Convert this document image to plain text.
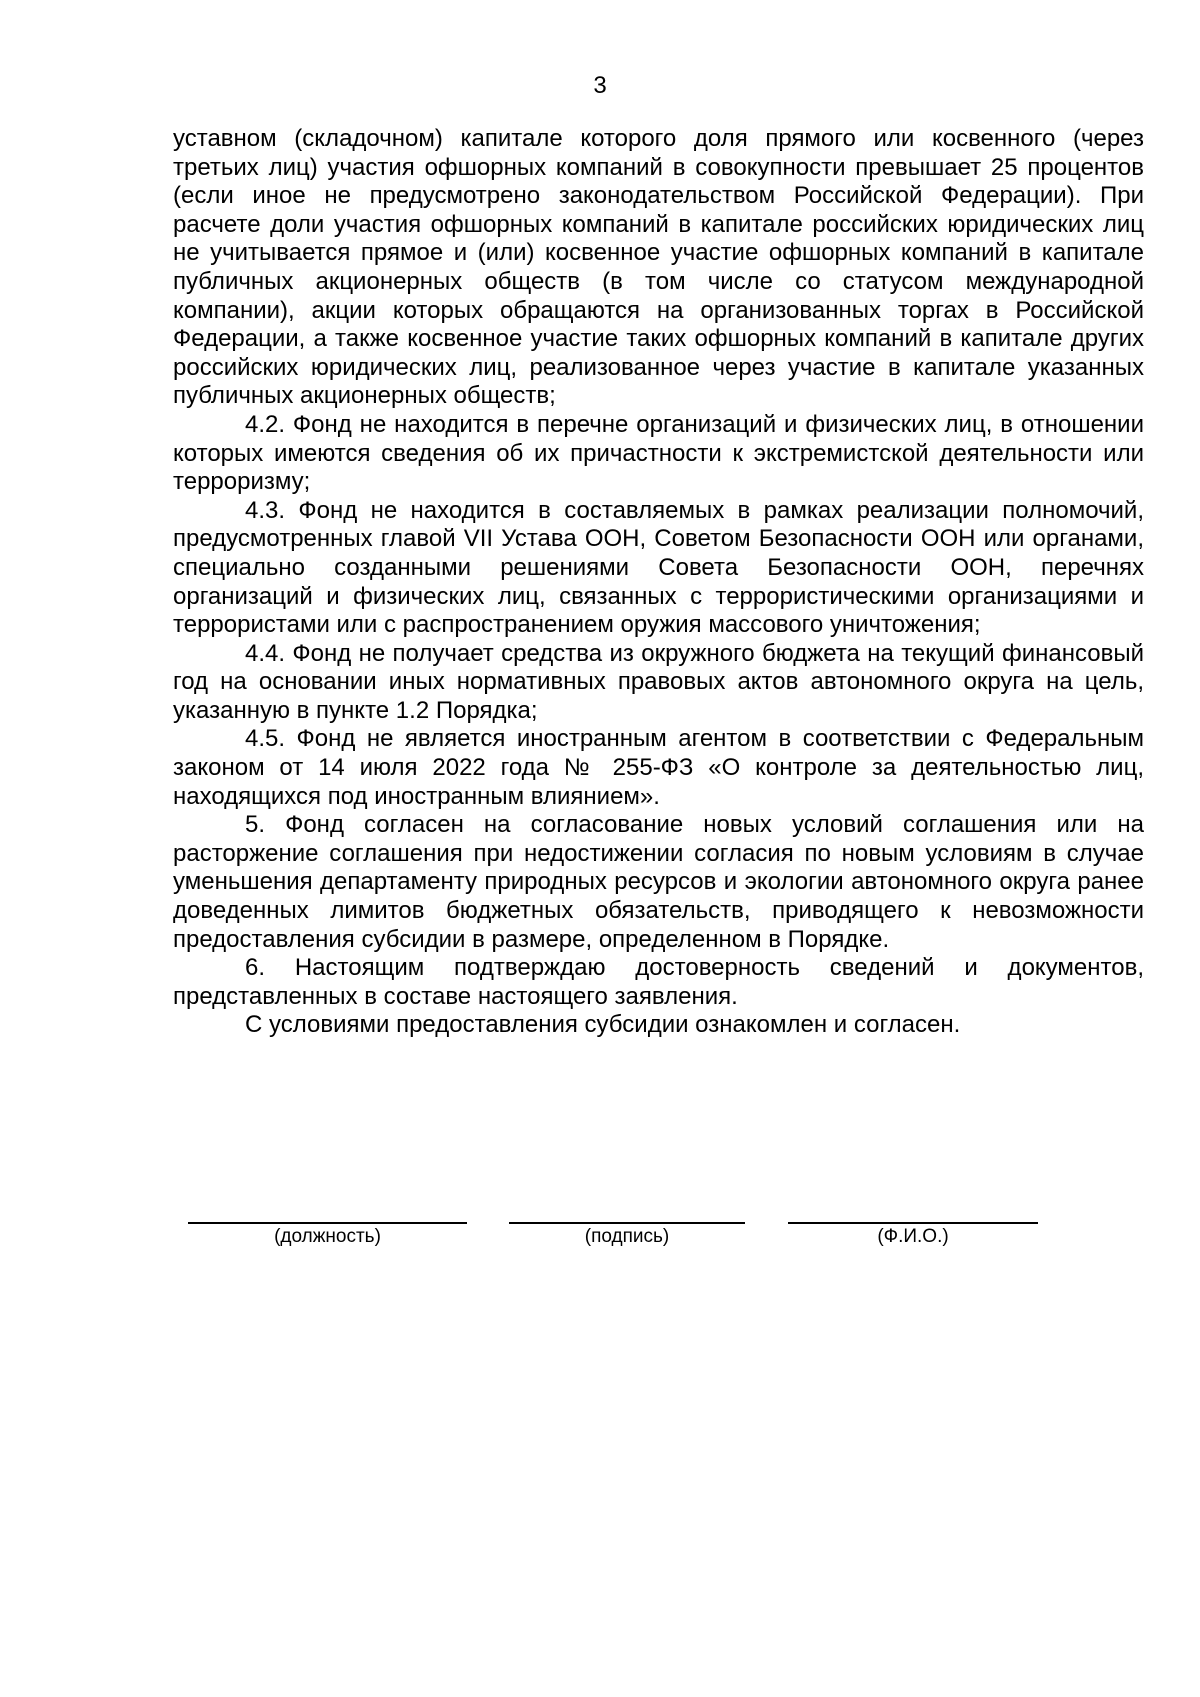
3

уставном (складочном) капитале которого доля прямого или косвенного (через третьих лиц) участия офшорных компаний в совокупности превышает 25 процентов (если иное не предусмотрено законодательством Российской Федерации). При расчете доли участия офшорных компаний в капитале российских юридических лиц не учитывается прямое и (или) косвенное участие офшорных компаний в капитале публичных акционерных обществ (в том числе со статусом международной компании), акции которых обращаются на организованных торгах в Российской Федерации, а также косвенное участие таких офшорных компаний в капитале других российских юридических лиц, реализованное через участие в капитале указанных публичных акционерных обществ;

4.2. Фонд не находится в перечне организаций и физических лиц, в отношении которых имеются сведения об их причастности к экстремистской деятельности или терроризму;

4.3. Фонд не находится в составляемых в рамках реализации полномочий, предусмотренных главой VII Устава ООН, Советом Безопасности ООН или органами, специально созданными решениями Совета Безопасности ООН, перечнях организаций и физических лиц, связанных с террористическими организациями и террористами или с распространением оружия массового уничтожения;

4.4. Фонд не получает средства из окружного бюджета на текущий финансовый год на основании иных нормативных правовых актов автономного округа на цель, указанную в пункте 1.2 Порядка;

4.5. Фонд не является иностранным агентом в соответствии с Федеральным законом от 14 июля 2022 года № 255-ФЗ «О контроле за деятельностью лиц, находящихся под иностранным влиянием».

5. Фонд согласен на согласование новых условий соглашения или на расторжение соглашения при недостижении согласия по новым условиям в случае уменьшения департаменту природных ресурсов и экологии автономного округа ранее доведенных лимитов бюджетных обязательств, приводящего к невозможности предоставления субсидии в размере, определенном в Порядке.

6. Настоящим подтверждаю достоверность сведений и документов, представленных в составе настоящего заявления.

С условиями предоставления субсидии ознакомлен и согласен.

(должность)	(подпись)	(Ф.И.О.)
